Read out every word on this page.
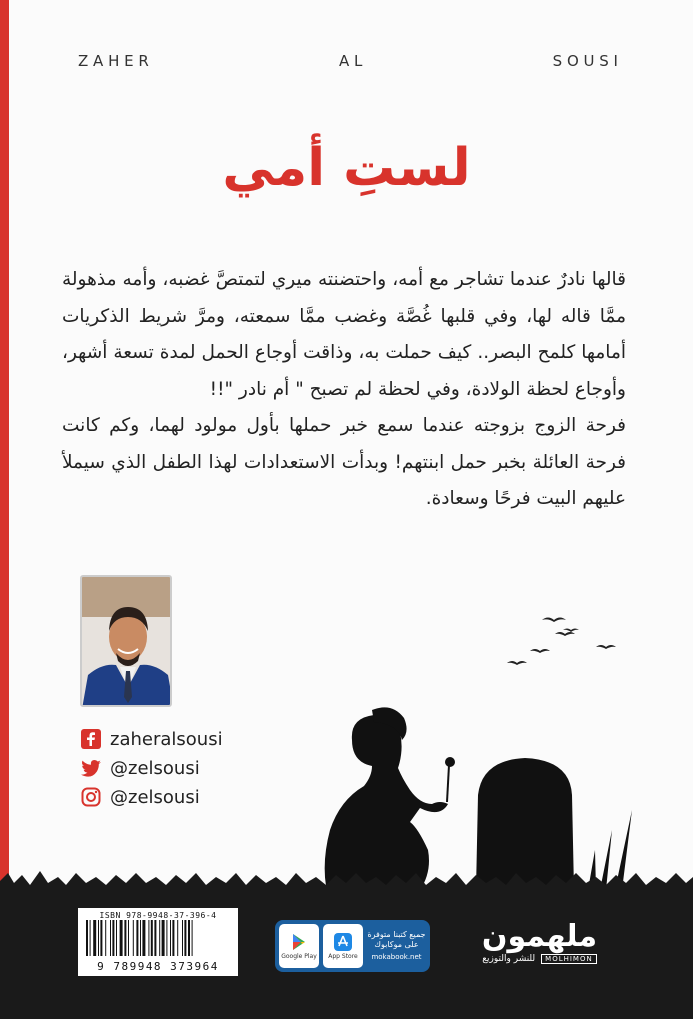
Z A H E R	A L	S O U S I
لستِ أمي

قالها نادرٌ عندما تشاجر مع أمه، واحتضنته ميري لتمتصَّ غضبه، وأمه مذهولة ممَّا قاله لها، وفي قلبها غُصَّة وغضب ممَّا سمعته، ومرَّ شريط الذكريات أمامها كلمح البصر.. كيف حملت به، وذاقت أوجاع الحمل لمدة تسعة أشهر، وأوجاع لحظة الولادة، وفي لحظة لم تصبح " أم نادر "!!

فرحة الزوج بزوجته عندما سمع خبر حملها بأول مولود لهما، وكم كانت فرحة العائلة بخبر حمل ابنتهم! وبدأت الاستعدادات لهذا الطفل الذي سيملأ عليهم البيت فرحًا وسعادة.

zaheralsousi
@zelsousi
@zelsousi
ISBN 978-9948-37-396-4
9 789948 373964
Google Play App Store
جميع كتبنا متوفرة على موكابوك
mokabook.net
ملهمون
MOLHIMON
للنشر والتوزيع
